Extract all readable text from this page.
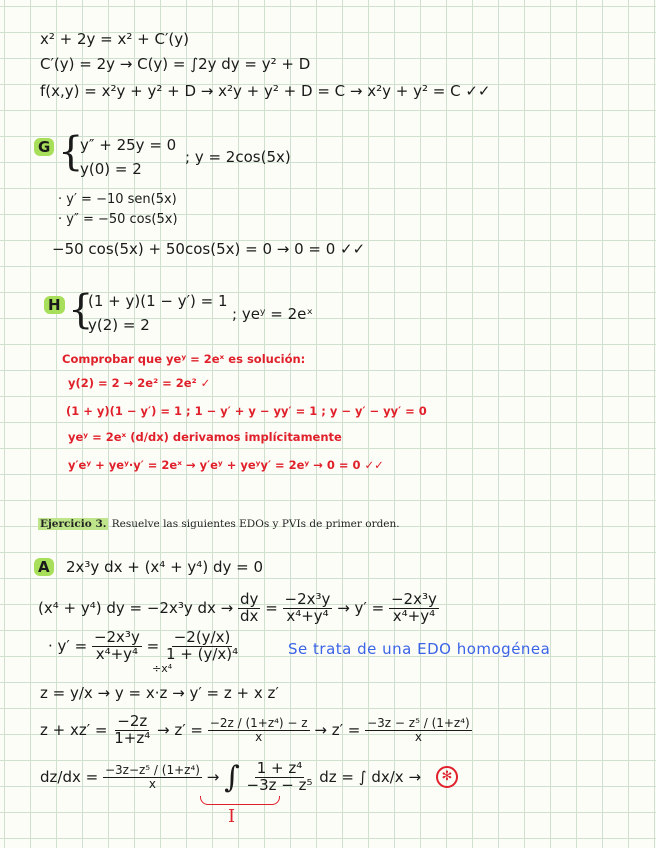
x² + 2y = x² + C′(y)
C′(y) = 2y → C(y) = ∫2y dy = y² + D
f(x,y) = x²y + y² + D → x²y + y² + D = C → x²y + y² = C ✓✓
G {
y″ + 25y = 0
y(0) = 2
; y = 2cos(5x)
· y′ = −10 sen(5x)
· y″ = −50 cos(5x)
−50 cos(5x) + 50cos(5x) = 0 → 0 = 0 ✓✓
H {
(1 + y)(1 − y′) = 1
y(2) = 2
; yeʸ = 2eˣ
Comprobar que yeʸ = 2eˣ es solución:
y(2) = 2 → 2e² = 2e² ✓
(1 + y)(1 − y′) = 1 ; 1 − y′ + y − yy′ = 1 ; y − y′ − yy′ = 0
yeʸ = 2eˣ (d/dx) derivamos implícitamente
y′eʸ + yeʸ·y′ = 2eˣ → y′eʸ + yeʸy′ = 2eʸ → 0 = 0 ✓✓
Ejercicio 3. Resuelve las siguientes EDOs y PVIs de primer orden.
A 2x³y dx + (x⁴ + y⁴) dy = 0
(x⁴ + y⁴) dy = −2x³y dx → $\frac{dy}{dx} = \frac{\text{−2x³y}}{\text{x⁴+y⁴}} \to y' = \frac{\text{−2x³y}}{\text{x⁴+y⁴}}$
· $y' = \frac{\text{−2x³y}}{\text{x⁴+y⁴}} = \frac{-2(y/x)}{\text{1 + (y/x)⁴}}$
÷x⁴
Se trata de una EDO homogénea
z = y/x → y = x·z → y′ = z + x z′
$z + xz' = \frac{-2z}{\text{1+z⁴}} \to z' = \frac{\text{−2z / (1+z⁴) − z}}{x} \to z' = \frac{\text{−3z − z⁵ / (1+z⁴)}}{x}$
$dz/dx = \frac{\text{−3z−z⁵ / (1+z⁴)}}{x}$ → ∫ $\frac{\text{1 + z⁴}}{\text{−3z − z⁵}}$ dz = ∫ dx/x →	✻
I
